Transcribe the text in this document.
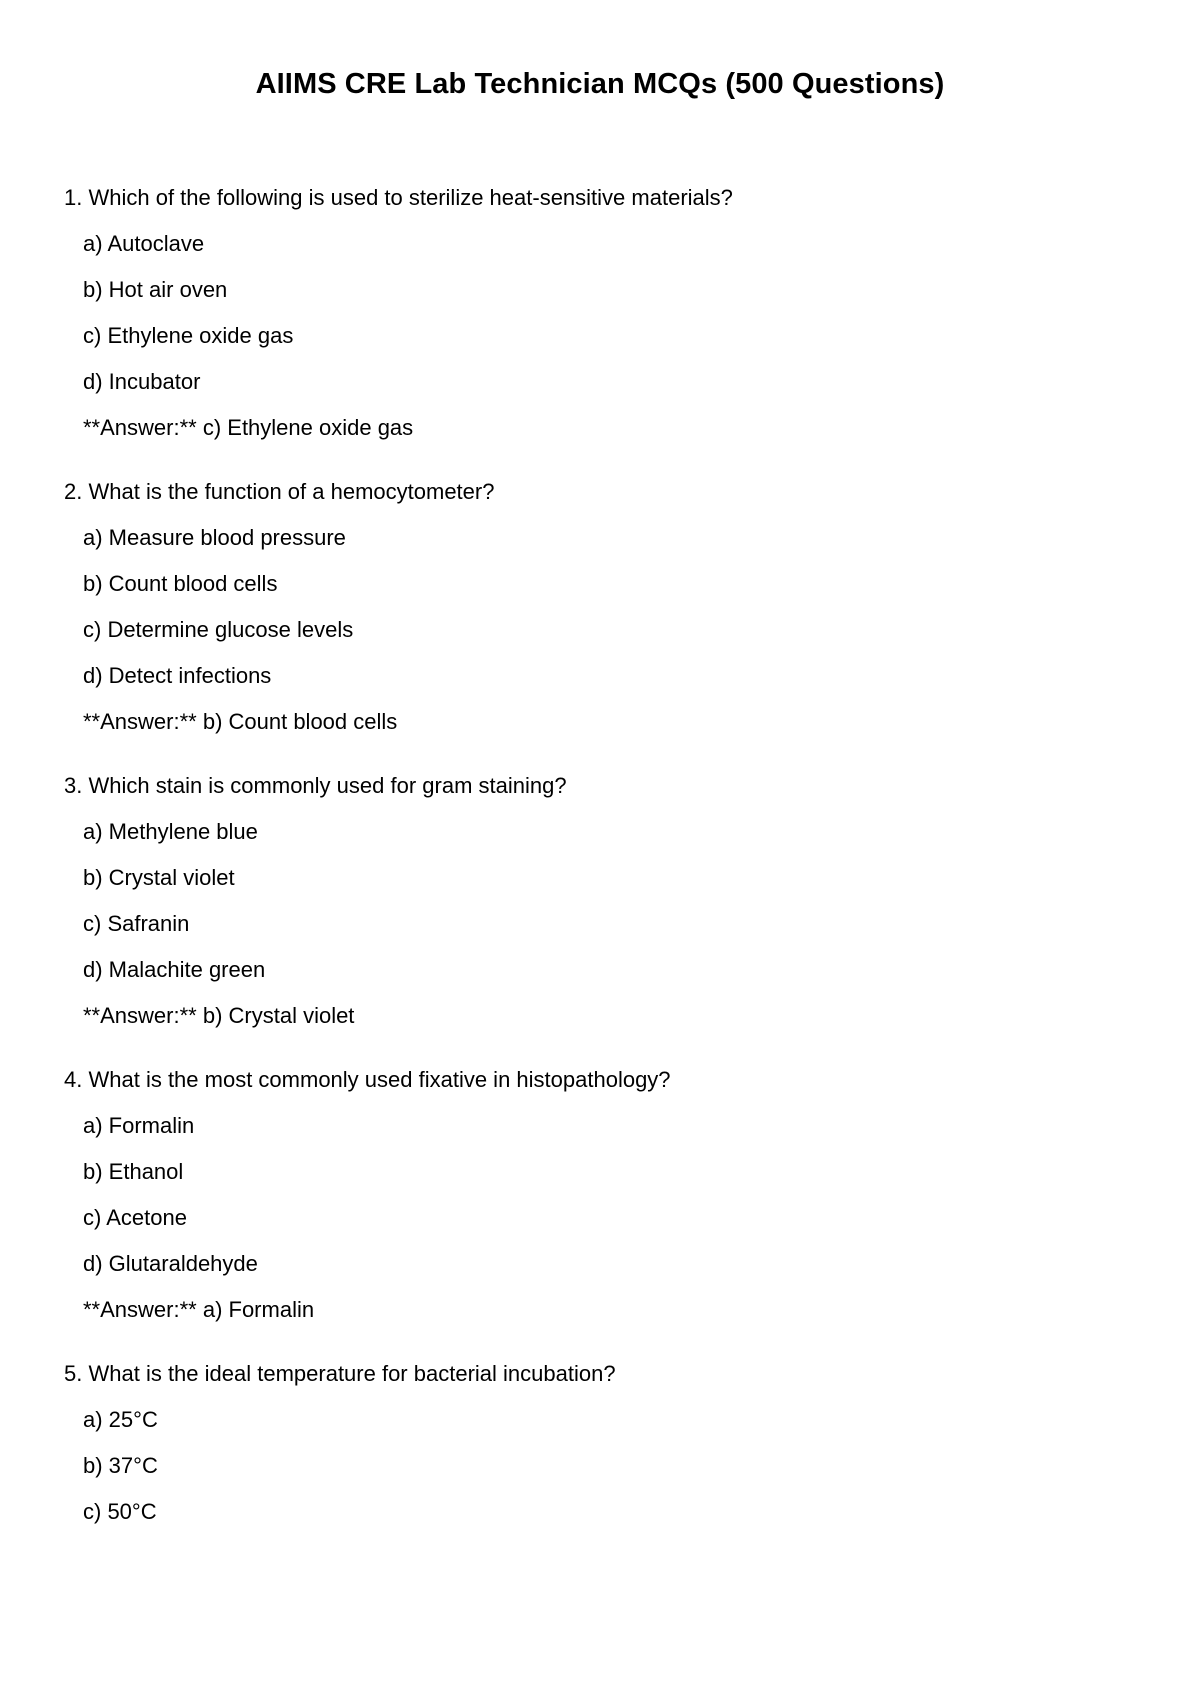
AIIMS CRE Lab Technician MCQs (500 Questions)
1. Which of the following is used to sterilize heat-sensitive materials?
a) Autoclave
b) Hot air oven
c) Ethylene oxide gas
d) Incubator
**Answer:** c) Ethylene oxide gas
2. What is the function of a hemocytometer?
a) Measure blood pressure
b) Count blood cells
c) Determine glucose levels
d) Detect infections
**Answer:** b) Count blood cells
3. Which stain is commonly used for gram staining?
a) Methylene blue
b) Crystal violet
c) Safranin
d) Malachite green
**Answer:** b) Crystal violet
4. What is the most commonly used fixative in histopathology?
a) Formalin
b) Ethanol
c) Acetone
d) Glutaraldehyde
**Answer:** a) Formalin
5. What is the ideal temperature for bacterial incubation?
a) 25°C
b) 37°C
c) 50°C
